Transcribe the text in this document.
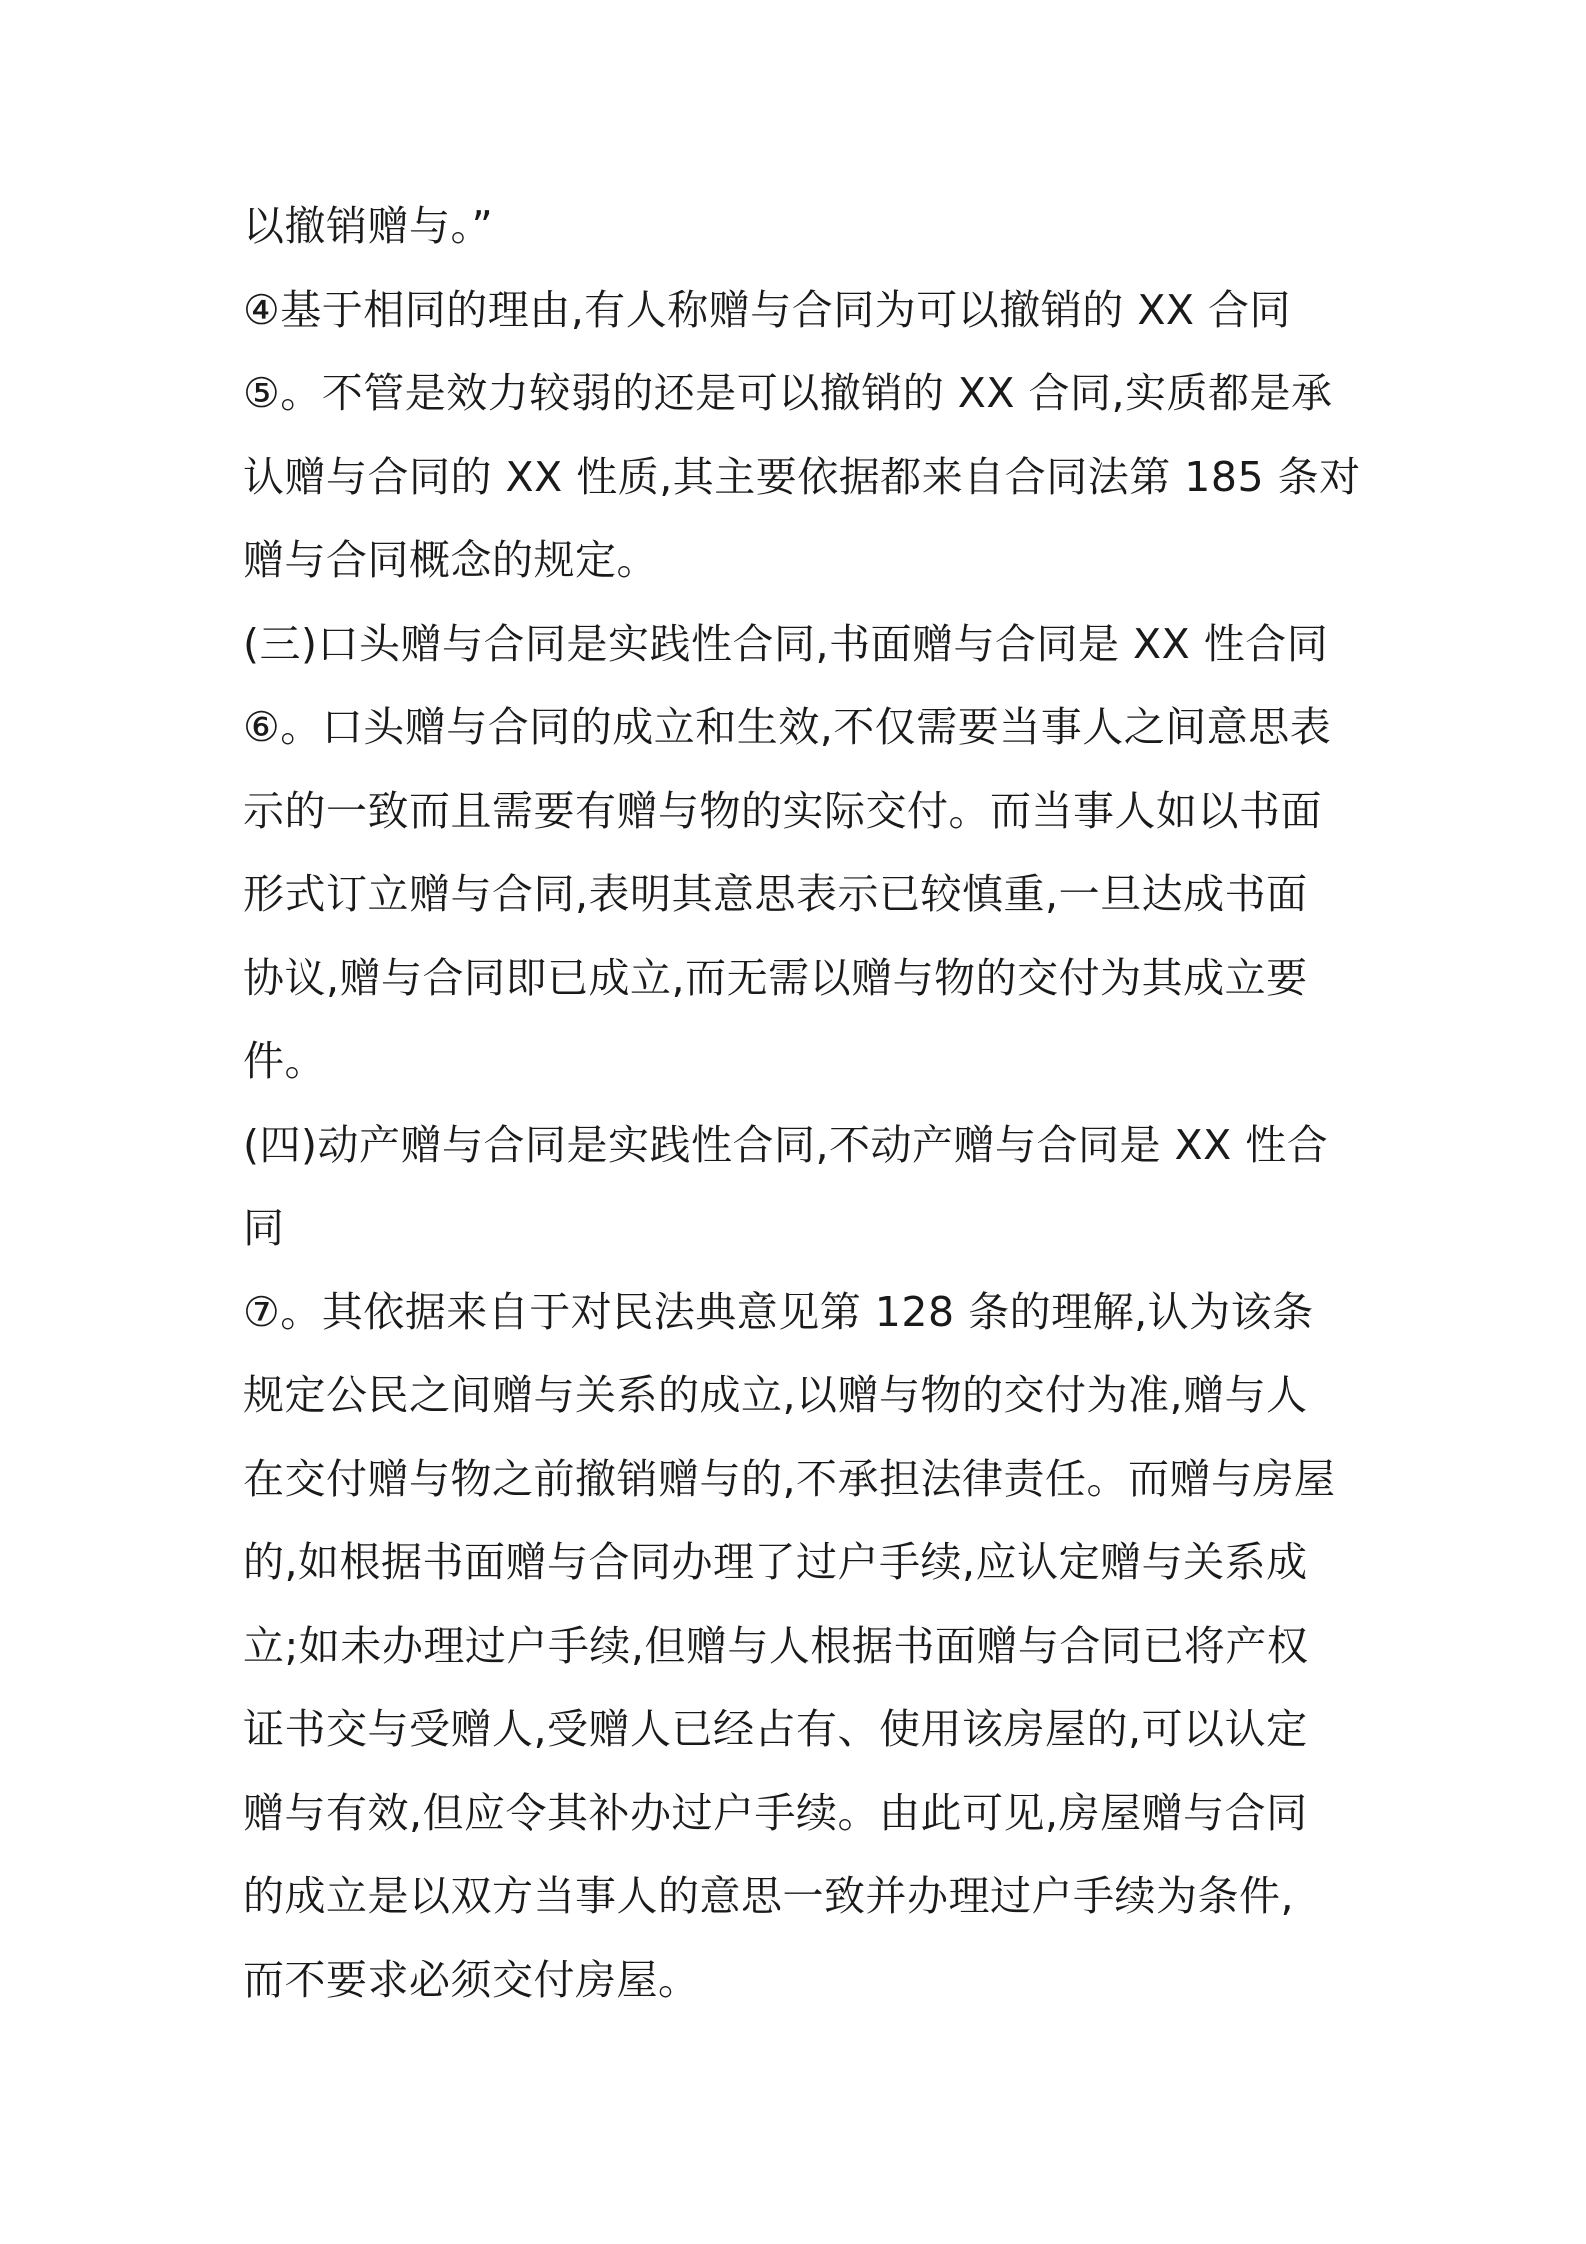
以撤销赠与。”
④基于相同的理由,有人称赠与合同为可以撤销的 XX 合同
⑤。不管是效力较弱的还是可以撤销的 XX 合同,实质都是承
认赠与合同的 XX 性质,其主要依据都来自合同法第 185 条对
赠与合同概念的规定。
(三)口头赠与合同是实践性合同,书面赠与合同是 XX 性合同
⑥。口头赠与合同的成立和生效,不仅需要当事人之间意思表
示的一致而且需要有赠与物的实际交付。而当事人如以书面
形式订立赠与合同,表明其意思表示已较慎重,一旦达成书面
协议,赠与合同即已成立,而无需以赠与物的交付为其成立要
件。
(四)动产赠与合同是实践性合同,不动产赠与合同是 XX 性合
同
⑦。其依据来自于对民法典意见第 128 条的理解,认为该条
规定公民之间赠与关系的成立,以赠与物的交付为准,赠与人
在交付赠与物之前撤销赠与的,不承担法律责任。而赠与房屋
的,如根据书面赠与合同办理了过户手续,应认定赠与关系成
立;如未办理过户手续,但赠与人根据书面赠与合同已将产权
证书交与受赠人,受赠人已经占有、使用该房屋的,可以认定
赠与有效,但应令其补办过户手续。由此可见,房屋赠与合同
的成立是以双方当事人的意思一致并办理过户手续为条件,
而不要求必须交付房屋。
